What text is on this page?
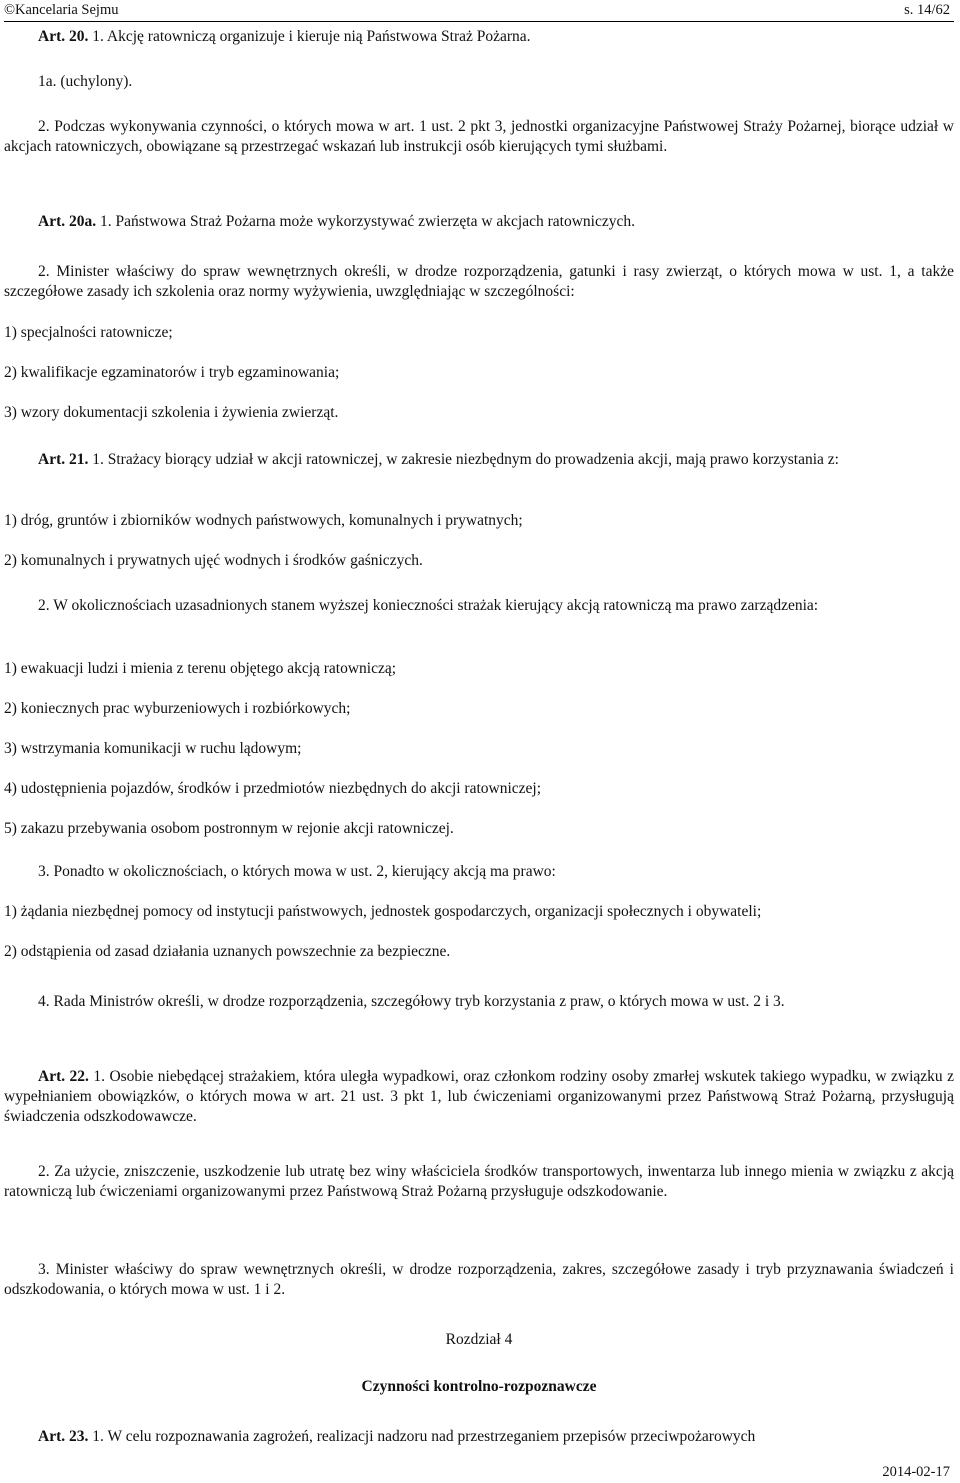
©Kancelaria Sejmu	s. 14/62

Art. 20. 1. Akcję ratowniczą organizuje i kieruje nią Państwowa Straż Pożarna.

1a. (uchylony).

2. Podczas wykonywania czynności, o których mowa w art. 1 ust. 2 pkt 3, jednostki organizacyjne Państwowej Straży Pożarnej, biorące udział w akcjach ratowniczych, obowiązane są przestrzegać wskazań lub instrukcji osób kierujących tymi służbami.

Art. 20a. 1. Państwowa Straż Pożarna może wykorzystywać zwierzęta w akcjach ratowniczych.

2. Minister właściwy do spraw wewnętrznych określi, w drodze rozporządzenia, gatunki i rasy zwierząt, o których mowa w ust. 1, a także szczegółowe zasady ich szkolenia oraz normy wyżywienia, uwzględniając w szczególności:

1) specjalności ratownicze;

2) kwalifikacje egzaminatorów i tryb egzaminowania;

3) wzory dokumentacji szkolenia i żywienia zwierząt.

Art. 21. 1. Strażacy biorący udział w akcji ratowniczej, w zakresie niezbędnym do prowadzenia akcji, mają prawo korzystania z:

1) dróg, gruntów i zbiorników wodnych państwowych, komunalnych i prywatnych;

2) komunalnych i prywatnych ujęć wodnych i środków gaśniczych.

2. W okolicznościach uzasadnionych stanem wyższej konieczności strażak kierujący akcją ratowniczą ma prawo zarządzenia:

1) ewakuacji ludzi i mienia z terenu objętego akcją ratowniczą;

2) koniecznych prac wyburzeniowych i rozbiórkowych;

3) wstrzymania komunikacji w ruchu lądowym;

4) udostępnienia pojazdów, środków i przedmiotów niezbędnych do akcji ratowniczej;

5) zakazu przebywania osobom postronnym w rejonie akcji ratowniczej.

3. Ponadto w okolicznościach, o których mowa w ust. 2, kierujący akcją ma prawo:

1) żądania niezbędnej pomocy od instytucji państwowych, jednostek gospodarczych, organizacji społecznych i obywateli;

2) odstąpienia od zasad działania uznanych powszechnie za bezpieczne.

4. Rada Ministrów określi, w drodze rozporządzenia, szczegółowy tryb korzystania z praw, o których mowa w ust. 2 i 3.

Art. 22. 1. Osobie niebędącej strażakiem, która uległa wypadkowi, oraz członkom rodziny osoby zmarłej wskutek takiego wypadku, w związku z wypełnianiem obowiązków, o których mowa w art. 21 ust. 3 pkt 1, lub ćwiczeniami organizowanymi przez Państwową Straż Pożarną, przysługują świadczenia odszkodowawcze.

2. Za użycie, zniszczenie, uszkodzenie lub utratę bez winy właściciela środków transportowych, inwentarza lub innego mienia w związku z akcją ratowniczą lub ćwiczeniami organizowanymi przez Państwową Straż Pożarną przysługuje odszkodowanie.

3. Minister właściwy do spraw wewnętrznych określi, w drodze rozporządzenia, zakres, szczegółowe zasady i tryb przyznawania świadczeń i odszkodowania, o których mowa w ust. 1 i 2.

Rozdział 4

Czynności kontrolno-rozpoznawcze

Art. 23. 1. W celu rozpoznawania zagrożeń, realizacji nadzoru nad przestrzeganiem przepisów przeciwpożarowych

2014-02-17
